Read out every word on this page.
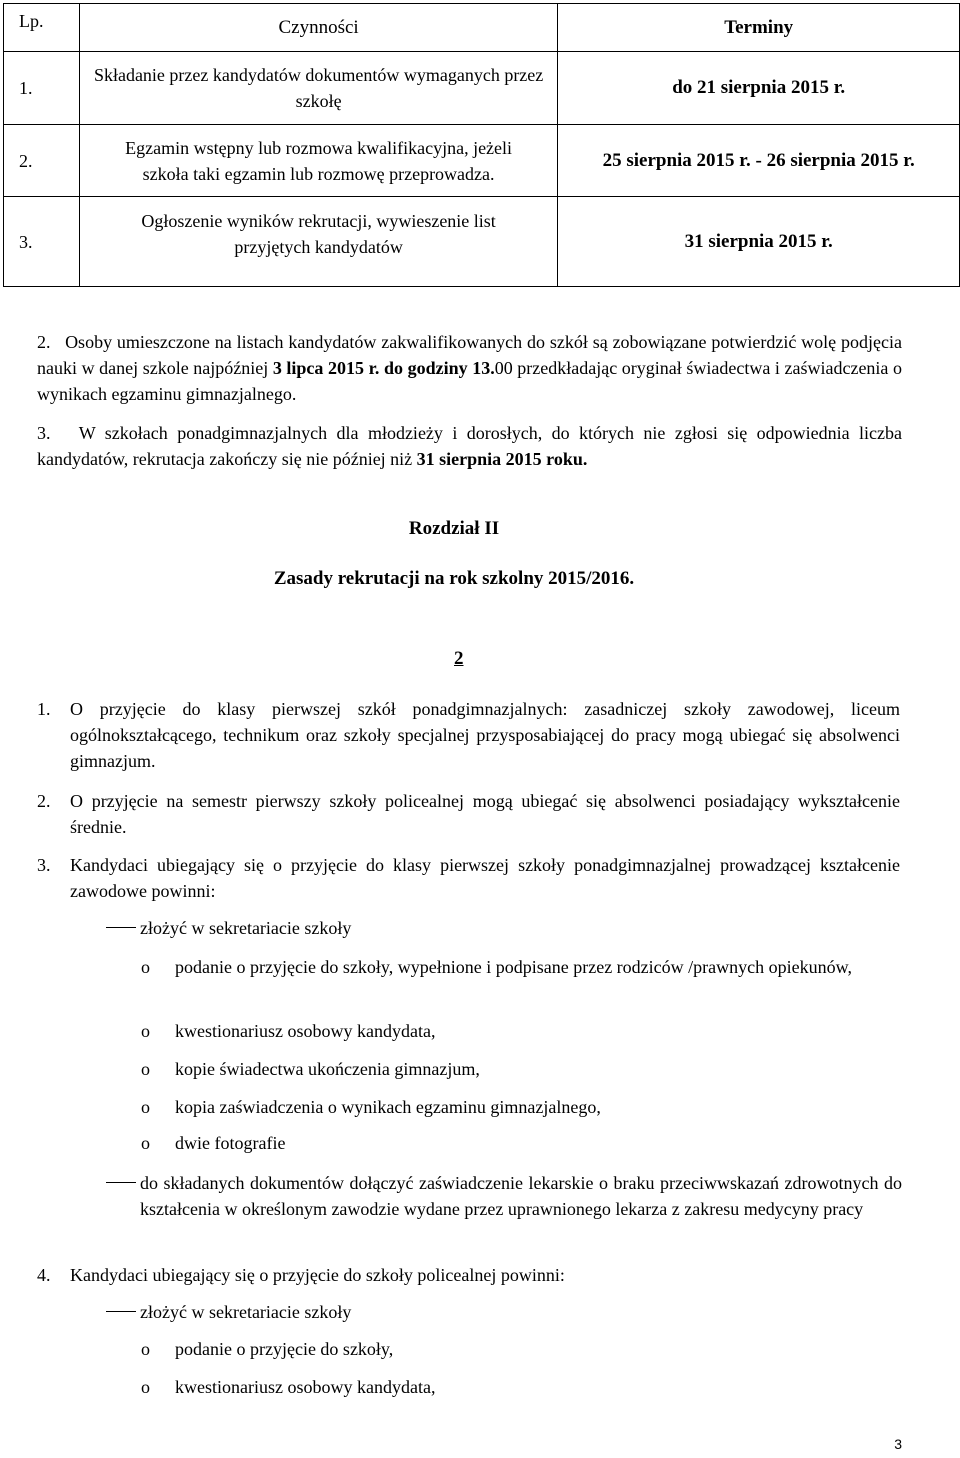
Lp.	Czynności	Terminy
1.	Składanie przez kandydatów dokumentów wymaganych przez szkołę	do 21 sierpnia 2015 r.
2.	Egzamin wstępny lub rozmowa kwalifikacyjna, jeżeli szkoła taki egzamin lub rozmowę przeprowadza.	25 sierpnia 2015 r. - 26 sierpnia 2015 r.
3.	Ogłoszenie wyników rekrutacji, wywieszenie list przyjętych kandydatów	31 sierpnia 2015 r.
2. Osoby umieszczone na listach kandydatów zakwalifikowanych do szkół są zobowiązane potwierdzić wolę podjęcia nauki w danej szkole najpóźniej 3 lipca 2015 r. do godziny 13.00 przedkładając oryginał świadectwa i zaświadczenia o wynikach egzaminu gimnazjalnego.
3. W szkołach ponadgimnazjalnych dla młodzieży i dorosłych, do których nie zgłosi się odpowiednia liczba kandydatów, rekrutacja zakończy się nie później niż 31 sierpnia 2015 roku.
Rozdział II
Zasady rekrutacji na rok szkolny 2015/2016.
2
1. O przyjęcie do klasy pierwszej szkół ponadgimnazjalnych: zasadniczej szkoły zawodowej, liceum ogólnokształcącego, technikum oraz szkoły specjalnej przysposabiającej do pracy mogą ubiegać się absolwenci gimnazjum.
2. O przyjęcie na semestr pierwszy szkoły policealnej mogą ubiegać się absolwenci posiadający wykształcenie średnie.
3. Kandydaci ubiegający się o przyjęcie do klasy pierwszej szkoły ponadgimnazjalnej prowadzącej kształcenie zawodowe powinni:
złożyć w sekretariacie szkoły
o podanie o przyjęcie do szkoły, wypełnione i podpisane przez rodziców /prawnych opiekunów,
o kwestionariusz osobowy kandydata,
o kopie świadectwa ukończenia gimnazjum,
o kopia zaświadczenia o wynikach egzaminu gimnazjalnego,
o dwie fotografie
do składanych dokumentów dołączyć zaświadczenie lekarskie o braku przeciwwskazań zdrowotnych do kształcenia w określonym zawodzie wydane przez uprawnionego lekarza z zakresu medycyny pracy
4. Kandydaci ubiegający się o przyjęcie do szkoły policealnej powinni:
złożyć w sekretariacie szkoły
o podanie o przyjęcie do szkoły,
o kwestionariusz osobowy kandydata,
3
